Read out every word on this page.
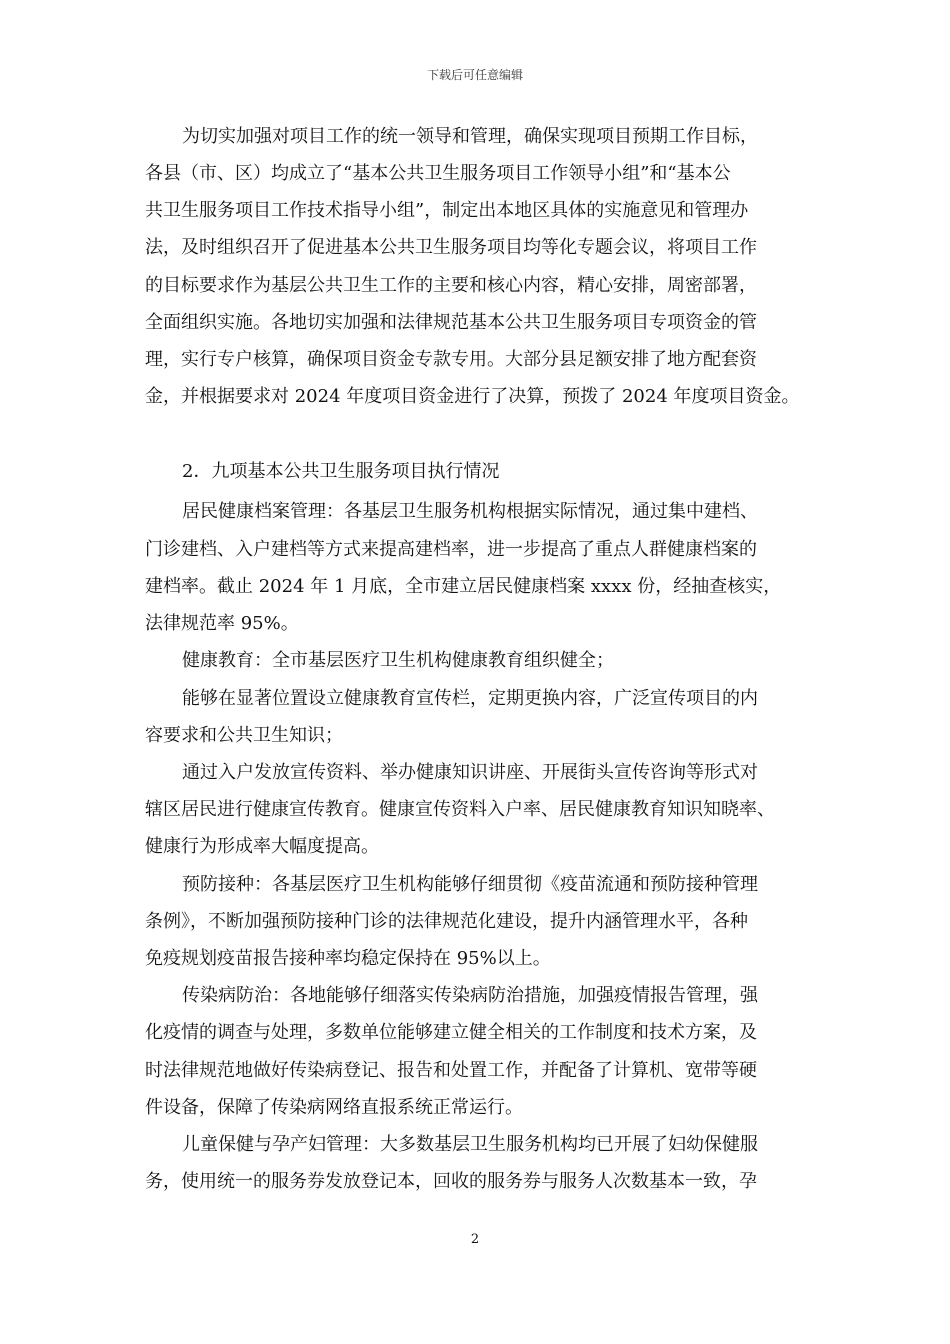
下载后可任意编辑
为切实加强对项目工作的统一领导和管理，确保实现项目预期工作目标，
各县（市、区）均成立了“基本公共卫生服务项目工作领导小组”和“基本公
共卫生服务项目工作技术指导小组”，制定出本地区具体的实施意见和管理办
法，及时组织召开了促进基本公共卫生服务项目均等化专题会议，将项目工作
的目标要求作为基层公共卫生工作的主要和核心内容，精心安排，周密部署，
全面组织实施。各地切实加强和法律规范基本公共卫生服务项目专项资金的管
理，实行专户核算，确保项目资金专款专用。大部分县足额安排了地方配套资
金，并根据要求对 2024 年度项目资金进行了决算，预拨了 2024 年度项目资金。
2．九项基本公共卫生服务项目执行情况
居民健康档案管理：各基层卫生服务机构根据实际情况，通过集中建档、
门诊建档、入户建档等方式来提高建档率，进一步提高了重点人群健康档案的
建档率。截止 2024 年 1 月底，全市建立居民健康档案 xxxx 份，经抽查核实，
法律规范率 95%。
健康教育：全市基层医疗卫生机构健康教育组织健全；
能够在显著位置设立健康教育宣传栏，定期更换内容，广泛宣传项目的内
容要求和公共卫生知识；
通过入户发放宣传资料、举办健康知识讲座、开展街头宣传咨询等形式对
辖区居民进行健康宣传教育。健康宣传资料入户率、居民健康教育知识知晓率、
健康行为形成率大幅度提高。
预防接种：各基层医疗卫生机构能够仔细贯彻《疫苗流通和预防接种管理
条例》，不断加强预防接种门诊的法律规范化建设，提升内涵管理水平，各种
免疫规划疫苗报告接种率均稳定保持在 95%以上。
传染病防治：各地能够仔细落实传染病防治措施，加强疫情报告管理，强
化疫情的调查与处理，多数单位能够建立健全相关的工作制度和技术方案，及
时法律规范地做好传染病登记、报告和处置工作，并配备了计算机、宽带等硬
件设备，保障了传染病网络直报系统正常运行。
儿童保健与孕产妇管理：大多数基层卫生服务机构均已开展了妇幼保健服
务，使用统一的服务券发放登记本，回收的服务券与服务人次数基本一致，孕
2
